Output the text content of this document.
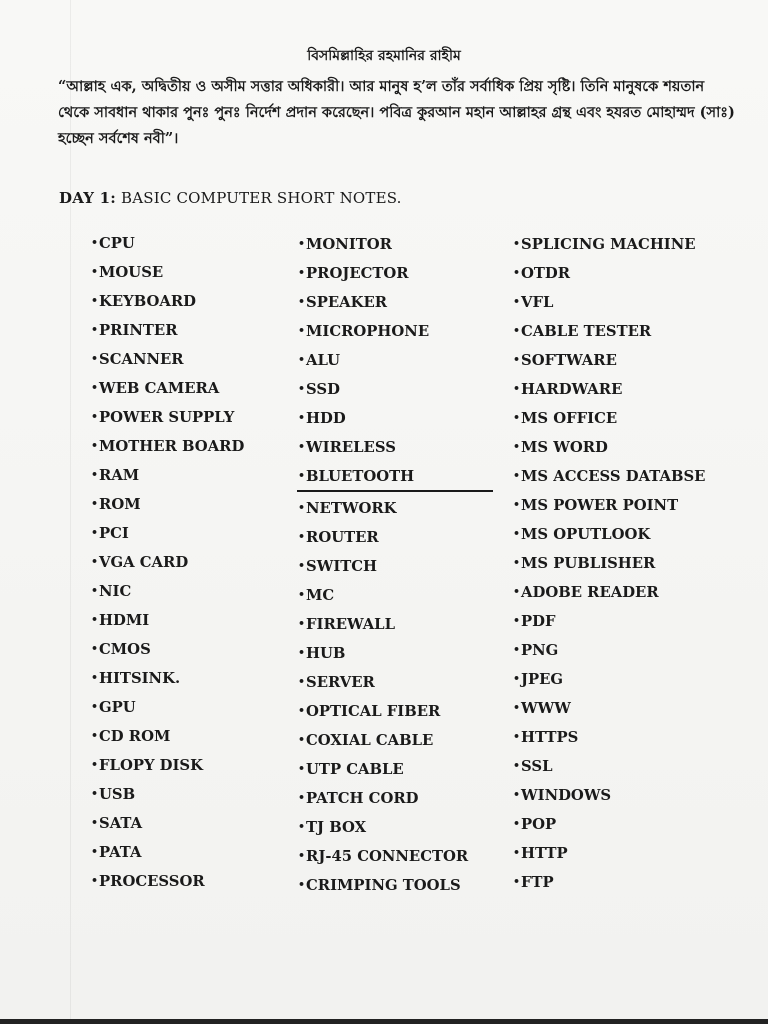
বিসমিল্লাহির রহমানির রাহীম
“আল্লাহ এক, অদ্বিতীয় ও অসীম সত্তার অধিকারী। আর মানুষ হ’ল তাঁর সর্বাধিক প্রিয় সৃষ্টি। তিনি মানুষকে শয়তান থেকে সাবধান থাকার পুনঃ পুনঃ নির্দেশ প্রদান করেছেন। পবিত্র কুরআন মহান আল্লাহর গ্রন্থ এবং হযরত মোহাম্মদ (সাঃ) হচ্ছেন সর্বশেষ নবী”।
DAY 1: BASIC COMPUTER SHORT NOTES.
• CPU
• MOUSE
• KEYBOARD
• PRINTER
• SCANNER
• WEB CAMERA
• POWER SUPPLY
• MOTHER BOARD
• RAM
• ROM
• PCI
• VGA CARD
• NIC
• HDMI
• CMOS
• HITSINK.
• GPU
• CD ROM
• FLOPY DISK
• USB
• SATA
• PATA
• PROCESSOR
• MONITOR
• PROJECTOR
• SPEAKER
• MICROPHONE
• ALU
• SSD
• HDD
• WIRELESS
• BLUETOOTH
• NETWORK
• ROUTER
• SWITCH
• MC
• FIREWALL
• HUB
• SERVER
• OPTICAL FIBER
• COXIAL CABLE
• UTP CABLE
• PATCH CORD
• TJ BOX
• RJ-45 CONNECTOR
• CRIMPING TOOLS
• SPLICING MACHINE
• OTDR
• VFL
• CABLE TESTER
• SOFTWARE
• HARDWARE
• MS OFFICE
• MS WORD
• MS ACCESS DATABSE
• MS POWER POINT
• MS OPUTLOOK
• MS PUBLISHER
• ADOBE READER
• PDF
• PNG
• JPEG
• WWW
• HTTPS
• SSL
• WINDOWS
• POP
• HTTP
• FTP
